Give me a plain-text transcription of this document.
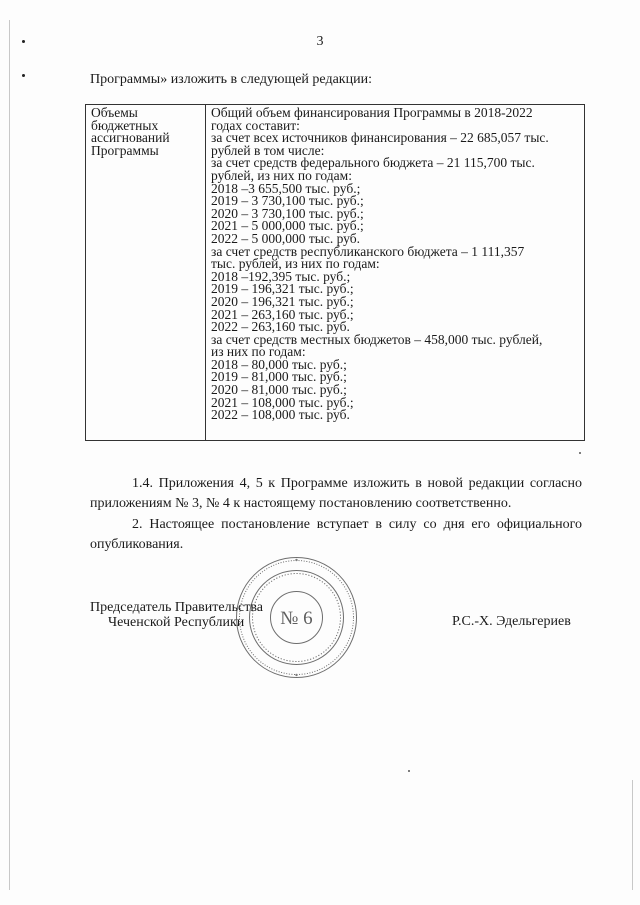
3
Программы» изложить в следующей редакции:
Объемы
бюджетных
ассигнований
Программы
Общий объем финансирования Программы в 2018-2022
годах составит:
за счет всех источников финансирования – 22 685,057 тыс.
рублей в том числе:
за счет средств федерального бюджета – 21 115,700 тыс.
рублей, из них по годам:
2018 –3 655,500 тыс. руб.;
2019 – 3 730,100 тыс. руб.;
2020 – 3 730,100 тыс. руб.;
2021 – 5 000,000 тыс. руб.;
2022 – 5 000,000 тыс. руб.
за счет средств республиканского бюджета – 1 111,357
тыс. рублей, из них по годам:
2018 –192,395 тыс. руб.;
2019 – 196,321 тыс. руб.;
2020 – 196,321 тыс. руб.;
2021 – 263,160 тыс. руб.;
2022 – 263,160 тыс. руб.
за счет средств местных бюджетов – 458,000 тыс. рублей,
из них по годам:
2018 – 80,000 тыс. руб.;
2019 – 81,000 тыс. руб.;
2020 – 81,000 тыс. руб.;
2021 – 108,000 тыс. руб.;
2022 – 108,000 тыс. руб.
1.4. Приложения 4, 5 к Программе изложить в новой редакции согласно приложениям № 3, № 4 к настоящему постановлению соответственно.
2. Настоящее постановление вступает в силу со дня его официального опубликования.
№ 6
Председатель Правительства
Чеченской Республики	Р.С.-Х. Эдельгериев
